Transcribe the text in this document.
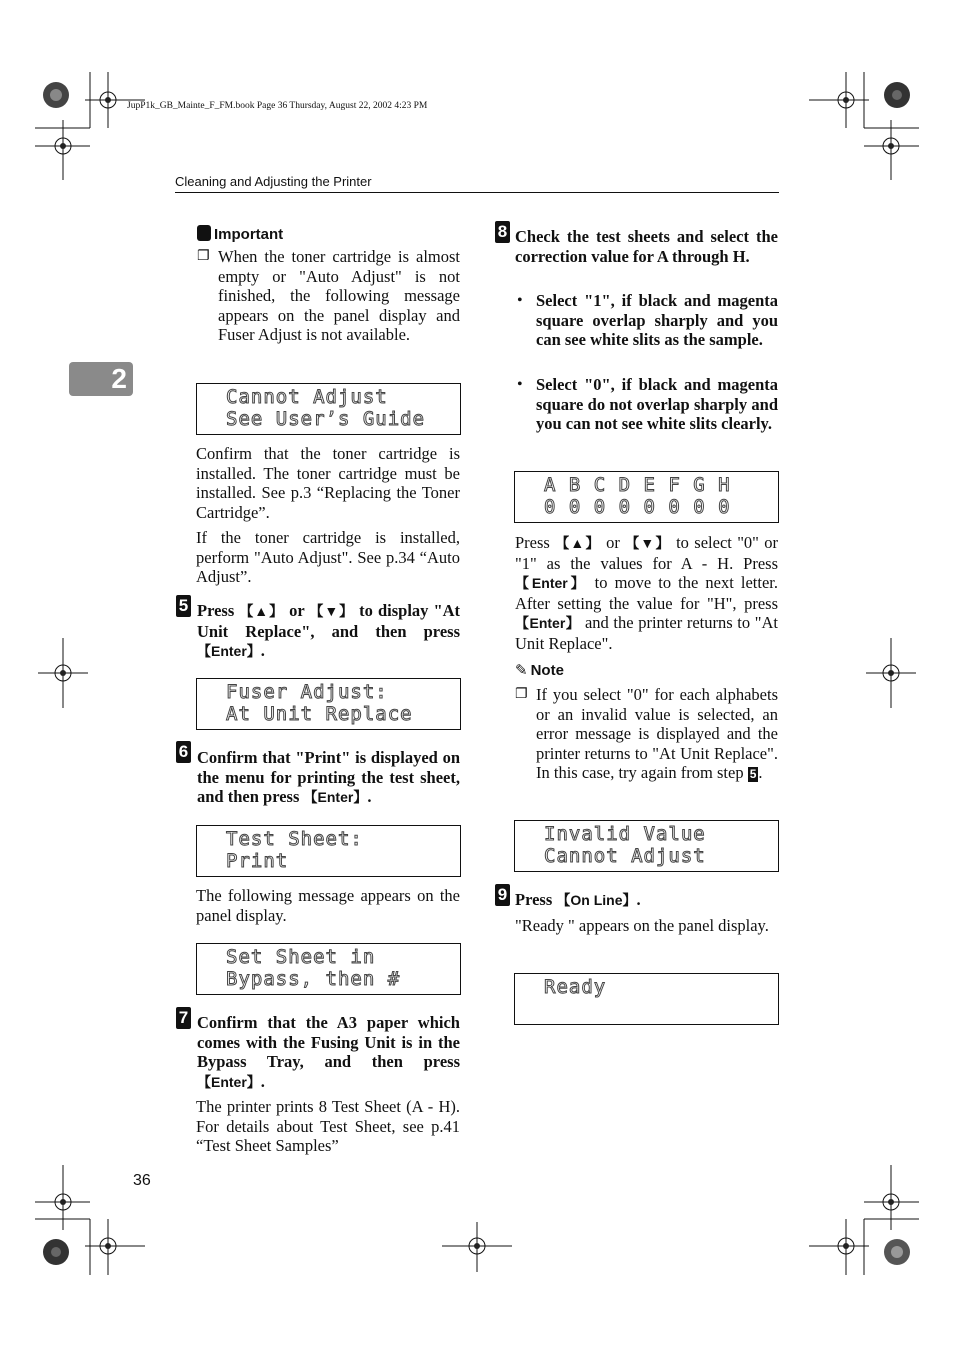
JupP1k_GB_Mainte_F_FM.book Page 36 Thursday, August 22, 2002 4:23 PM
Cleaning and Adjusting the Printer
2
Important
❐ When the toner cartridge is almost empty or "Auto Adjust" is not finished, the following message appears on the panel display and Fuser Adjust is not available.
Cannot Adjust
See User’s Guide
Confirm that the toner cartridge is installed. The toner cartridge must be installed. See p.3 “Replacing the Toner Cartridge”.
If the toner cartridge is installed, perform "Auto Adjust". See p.34 “Auto Adjust”.
5 Press 【▲】 or 【▼】 to display "At Unit Replace", and then press 【Enter】.
Fuser Adjust:
At Unit Replace
6 Confirm that "Print" is displayed on the menu for printing the test sheet, and then press 【Enter】.
Test Sheet:
Print
The following message appears on the panel display.
Set Sheet in
Bypass, then #
7 Confirm that the A3 paper which comes with the Fusing Unit is in the Bypass Tray, and then press 【Enter】.
The printer prints 8 Test Sheet (A - H). For details about Test Sheet, see p.41 “Test Sheet Samples”
36
8 Check the test sheets and select the correction value for A through H.
• Select "1", if black and magenta square overlap sharply and you can see white slits as the sample.
• Select "0", if black and magenta square do not overlap sharply and you can not see white slits clearly.
A B C D E F G H
0 0 0 0 0 0 0 0
Press 【▲】 or 【▼】 to select "0" or "1" as the values for A - H. Press 【Enter】 to move to the next letter. After setting the value for "H", press 【Enter】 and the printer returns to "At Unit Replace".
✎ Note
❐ If you select "0" for each alphabets or an invalid value is selected, an error message is displayed and the printer returns to "At Unit Replace". In this case, try again from step 5 .
Invalid Value
Cannot Adjust
9 Press 【On Line】.
"Ready " appears on the panel display.
Ready
